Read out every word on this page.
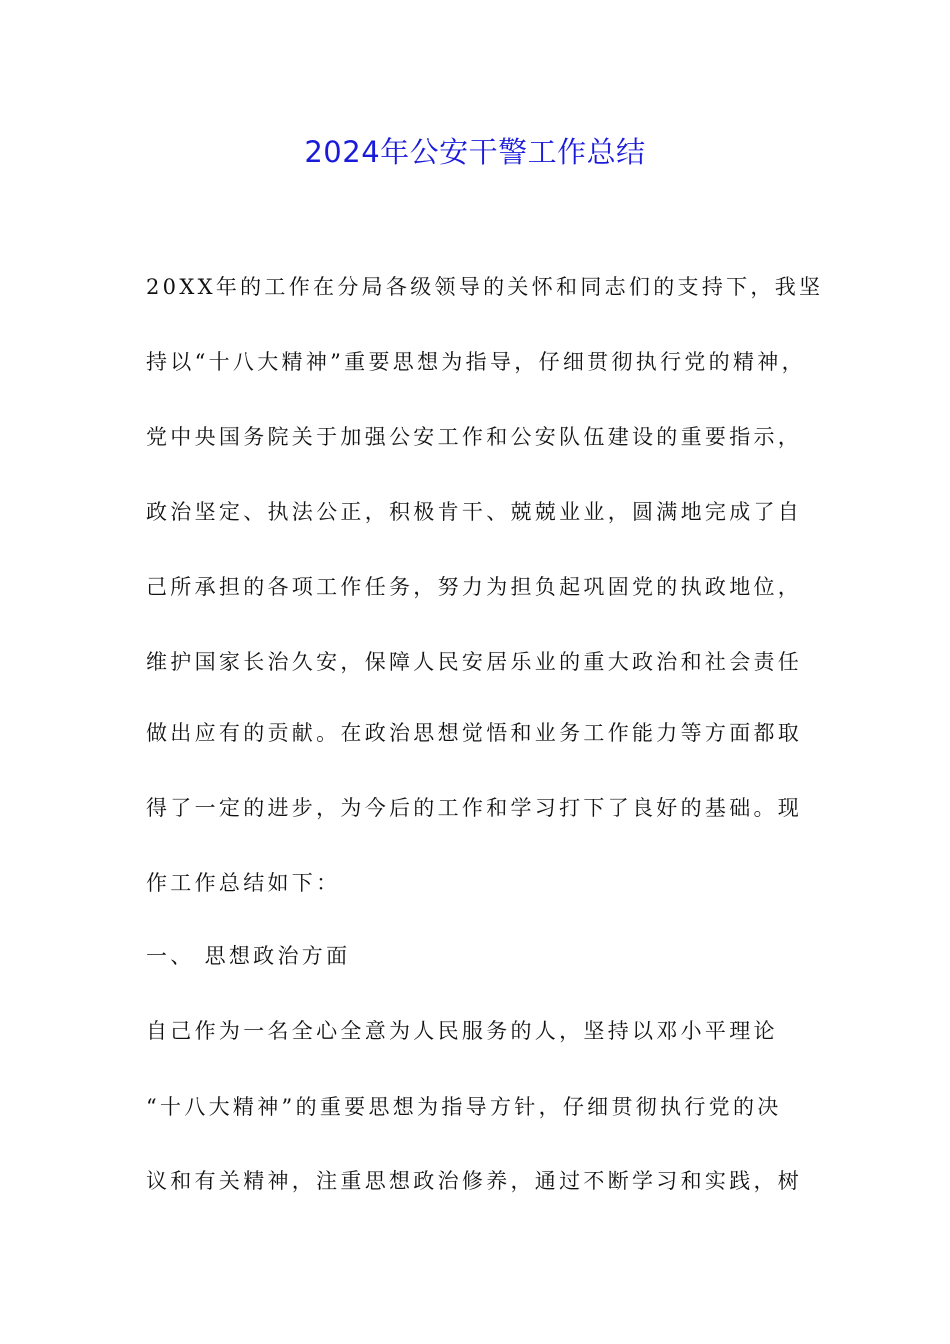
2024年公安干警工作总结
20XX年的工作在分局各级领导的关怀和同志们的支持下，我坚
持以“十八大精神”重要思想为指导，仔细贯彻执行党的精神，
党中央国务院关于加强公安工作和公安队伍建设的重要指示，
政治坚定、执法公正，积极肯干、兢兢业业，圆满地完成了自
己所承担的各项工作任务，努力为担负起巩固党的执政地位，
维护国家长治久安，保障人民安居乐业的重大政治和社会责任
做出应有的贡献。在政治思想觉悟和业务工作能力等方面都取
得了一定的进步，为今后的工作和学习打下了良好的基础。现
作工作总结如下：
一、 思想政治方面
自己作为一名全心全意为人民服务的人，坚持以邓小平理论
“十八大精神”的重要思想为指导方针，仔细贯彻执行党的决
议和有关精神，注重思想政治修养，通过不断学习和实践，树
